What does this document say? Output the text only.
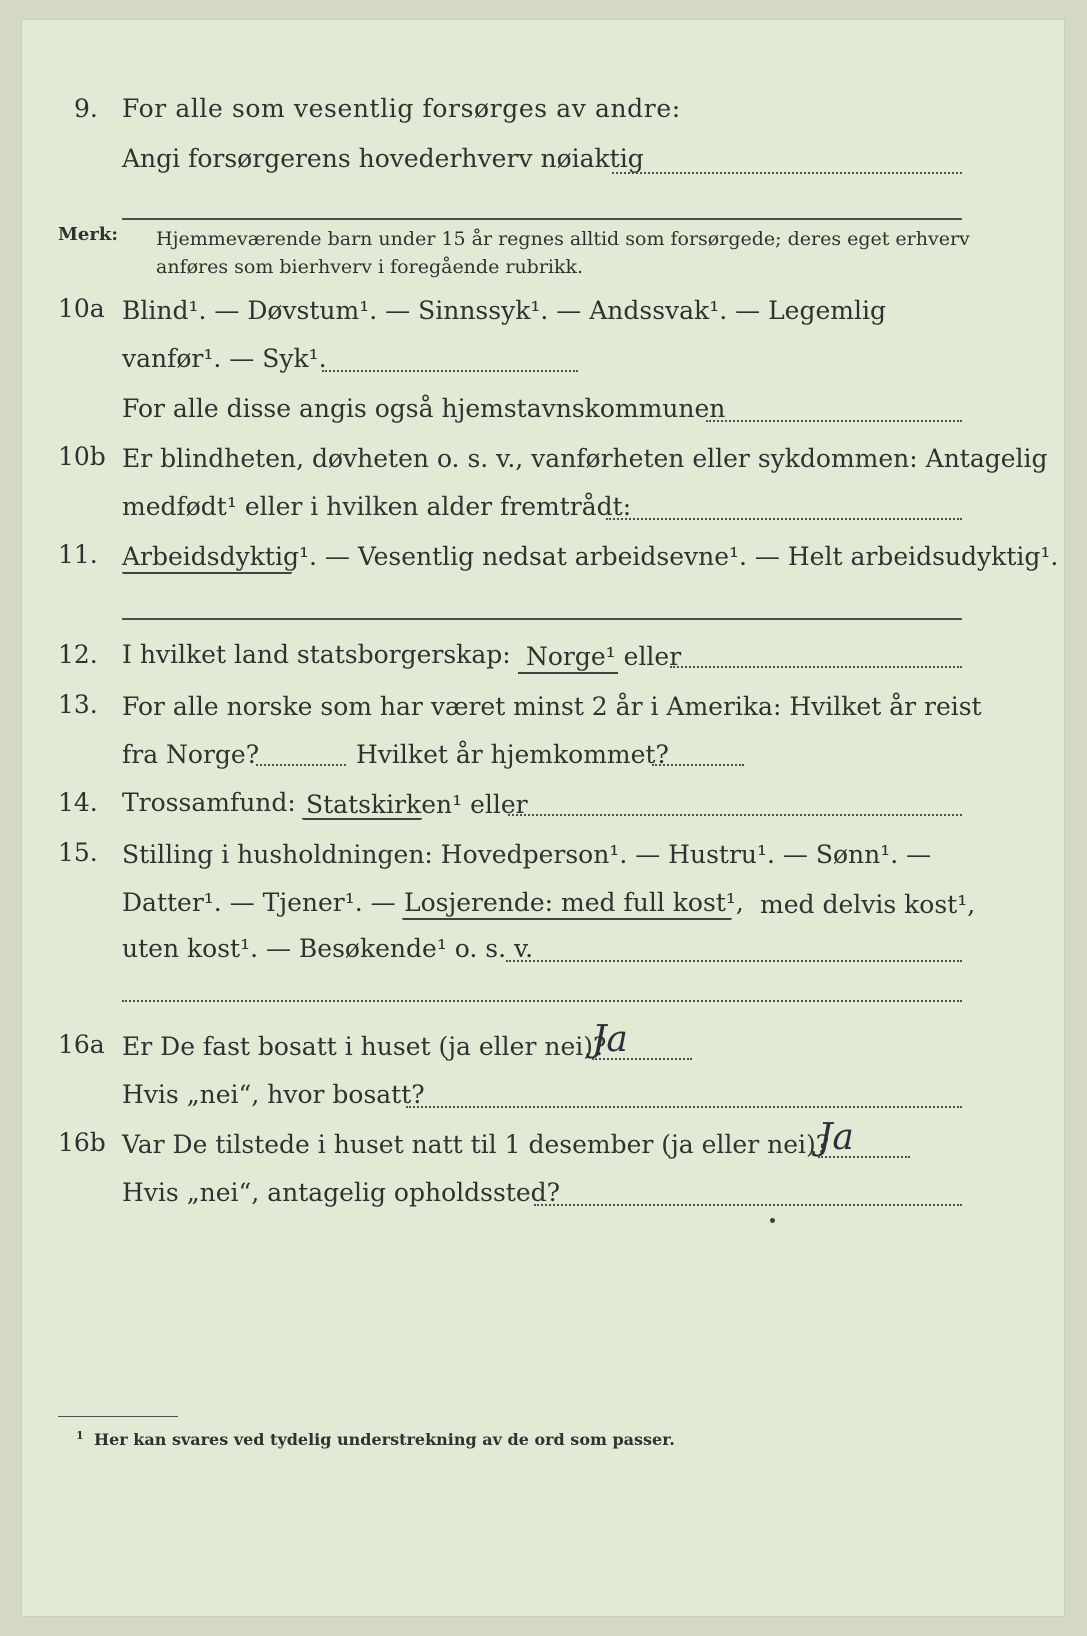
9. For alle som vesentlig forsørges av andre:
Angi forsørgerens hovederhverv nøiaktig
Merk: Hjemmeværende barn under 15 år regnes alltid som forsørgede; deres eget erhverv
anføres som bierhverv i foregående rubrikk.
10a Blind¹. — Døvstum¹. — Sinnssyk¹. — Andssvak¹. — Legemlig
vanfør¹. — Syk¹.
For alle disse angis også hjemstavnskommunen
10b Er blindheten, døvheten o. s. v., vanførheten eller sykdommen: Antagelig
medfødt¹ eller i hvilken alder fremtrådt:
11. Arbeidsdyktig¹. — Vesentlig nedsat arbeidsevne¹. — Helt arbeidsudyktig¹.
12. I hvilket land statsborgerskap: Norge¹ eller
13. For alle norske som har været minst 2 år i Amerika: Hvilket år reist
fra Norge?	Hvilket år hjemkommet?
14. Trossamfund: Statskirken¹ eller
15. Stilling i husholdningen: Hovedperson¹. — Hustru¹. — Sønn¹. —
Datter¹. — Tjener¹. — Losjerende: med full kost¹, med delvis kost¹,
uten kost¹. — Besøkende¹ o. s. v.
16a Er De fast bosatt i huset (ja eller nei)?
Ja
Hvis „nei“, hvor bosatt?
16b Var De tilstede i huset natt til 1 desember (ja eller nei)?
Ja
Hvis „nei“, antagelig opholdssted?
1 Her kan svares ved tydelig understrekning av de ord som passer.
